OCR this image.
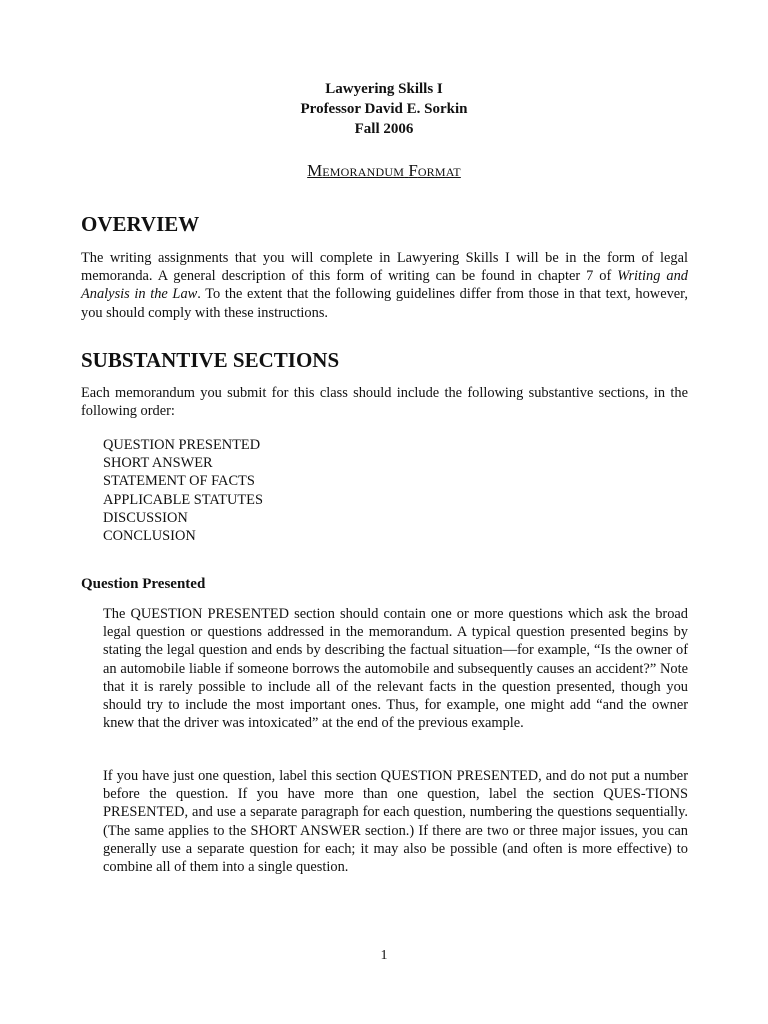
Lawyering Skills I
Professor David E. Sorkin
Fall 2006
Memorandum Format
OVERVIEW

The writing assignments that you will complete in Lawyering Skills I will be in the form of legal memoranda. A general description of this form of writing can be found in chapter 7 of Writing and Analysis in the Law. To the extent that the following guidelines differ from those in that text, however, you should comply with these instructions.

SUBSTANTIVE SECTIONS

Each memorandum you submit for this class should include the following substantive sections, in the following order:

QUESTION PRESENTED
SHORT ANSWER
STATEMENT OF FACTS
APPLICABLE STATUTES
DISCUSSION
CONCLUSION
Question Presented

The QUESTION PRESENTED section should contain one or more questions which ask the broad legal question or questions addressed in the memorandum. A typical question presented begins by stating the legal question and ends by describing the factual situation—for example, “Is the owner of an automobile liable if someone borrows the automobile and subsequently causes an accident?” Note that it is rarely possible to include all of the relevant facts in the question presented, though you should try to include the most important ones. Thus, for example, one might add “and the owner knew that the driver was intoxicated” at the end of the previous example.

If you have just one question, label this section QUESTION PRESENTED, and do not put a number before the question. If you have more than one question, label the section QUES-TIONS PRESENTED, and use a separate paragraph for each question, numbering the questions sequentially. (The same applies to the SHORT ANSWER section.) If there are two or three major issues, you can generally use a separate question for each; it may also be possible (and often is more effective) to combine all of them into a single question.

1
